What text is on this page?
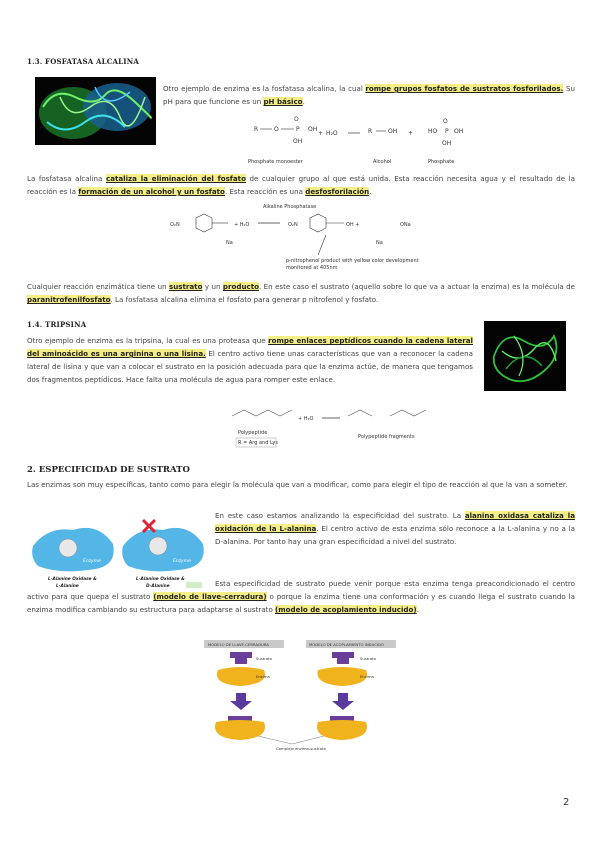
1.3. FOSFATASA ALCALINA
Otro ejemplo de enzima es la fosfatasa alcalina, la cual rompe grupos fosfatos de sustratos fosforilados. Su pH para que funcione es un pH básico.
R	O	P OH
O
OH
+ H₂O	R	OH + HO P OH
O
OH
Phosphate monoester	Alcohol	Phosphate
La fosfatasa alcalina cataliza la eliminación del fosfato de cualquier grupo al que está unida. Esta reacción necesita agua y el resultado de la reacción es la formación de un alcohol y un fosfato. Esta reacción es una desfosforilación.
Alkaline Phosphatase
O₂N	+ H₂O
Na
O₂N	OH +	ONa
Na
p-nitrophenol product with yellow color development
monitored at 405nm
Cualquier reacción enzimática tiene un sustrato y un producto. En este caso el sustrato (aquello sobre lo que va a actuar la enzima) es la molécula de paranitrofenilfosfato. La fosfatasa alcalina elimina el fosfato para generar p nitrofenol y fosfato.
1.4. TRIPSINA
Otro ejemplo de enzima es la tripsina, la cual es una proteasa que rompe enlaces peptídicos cuando la cadena lateral del aminoácido es una arginina o una lisina. El centro activo tiene unas características que van a reconocer la cadena lateral de lisina y que van a colocar el sustrato en la posición adecuada para que la enzima actúe, de manera que tengamos dos fragmentos peptídicos. Hace falta una molécula de agua para romper este enlace.
Polypeptide
R = Arg and Lys
+ H₂O
Polypeptide fragments
2. ESPECIFICIDAD DE SUSTRATO
Las enzimas son muy específicas, tanto como para elegir la molécula que van a modificar, como para elegir el tipo de reacción al que la van a someter.
Enzyme	Enzyme
L-Alanine Oxidase &
L-Alanine
L-Alanine Oxidase &
D-Alanine
En este caso estamos analizando la especificidad del sustrato. La alanina oxidasa cataliza la oxidación de la L-alanina. El centro activo de esta enzima sólo reconoce a la L-alanina y no a la D-alanina. Por tanto hay una gran especificidad a nivel del sustrato.
Esta especificidad de sustrato puede venir porque esta enzima tenga preacondicionado el centro activo para que quepa el sustrato (modelo de llave-cerradura) o porque la enzima tiene una conformación y es cuando llega el sustrato cuando la enzima modifica cambiando su estructura para adaptarse al sustrato (modelo de acoplamiento inducido).
MODELO DE LLAVE-CERRADURA	MODELO DE ACOPLAMIENTO INDUCIDO
Sustrato
Enzima
Sustrato
Enzima
Complejo enzima-sustrato
2
